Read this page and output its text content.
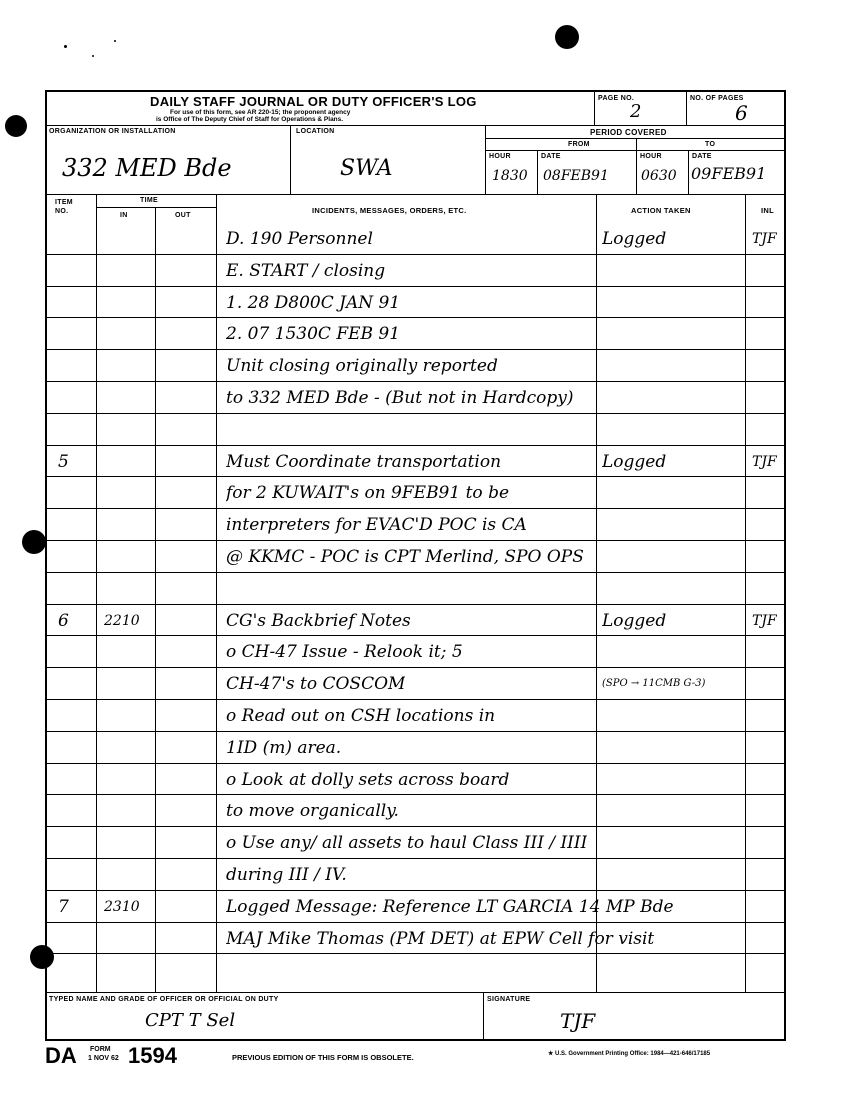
DAILY STAFF JOURNAL OR DUTY OFFICER'S LOG
For use of this form, see AR 220-15; the proponent agency
is Office of The Deputy Chief of Staff for Operations & Plans.
PAGE NO.
2
NO. OF PAGES
6
ORGANIZATION OR INSTALLATION	LOCATION	PERIOD COVERED
FROM	TO
HOUR	DATE	HOUR	DATE
332 MED Bde	SWA	1830 08FEB91 0630 09FEB91
ITEM NO.
TIME
IN	OUT
INCIDENTS, MESSAGES, ORDERS, ETC.	ACTION TAKEN	INL
D. 190 Personnel	Logged	TJF
E. START / closing
1. 28 D800C JAN 91
2. 07 1530C FEB 91
Unit closing originally reported
to 332 MED Bde - (But not in Hardcopy)
5	Must Coordinate transportation	Logged	TJF
for 2 KUWAIT's on 9FEB91 to be
interpreters for EVAC'D POC is CA
@ KKMC - POC is CPT Merlind, SPO OPS
6	2210	CG's Backbrief Notes	Logged	TJF
o CH-47 Issue - Relook it; 5
CH-47's to COSCOM	(SPO → 11CMB G-3)
o Read out on CSH locations in
1ID (m) area.
o Look at dolly sets across board
to move organically.
o Use any/ all assets to haul Class III / IIII
during III / IV.
7	2310	Logged Message: Reference LT GARCIA 14 MP Bde
MAJ Mike Thomas (PM DET) at EPW Cell for visit
TYPED NAME AND GRADE OF OFFICER OR OFFICIAL ON DUTY
CPT T Sel
SIGNATURE
TJF
DA FORM
1 NOV 62 1594	PREVIOUS EDITION OF THIS FORM IS OBSOLETE.	★ U.S. Government Printing Office: 1984—421-646/17185
